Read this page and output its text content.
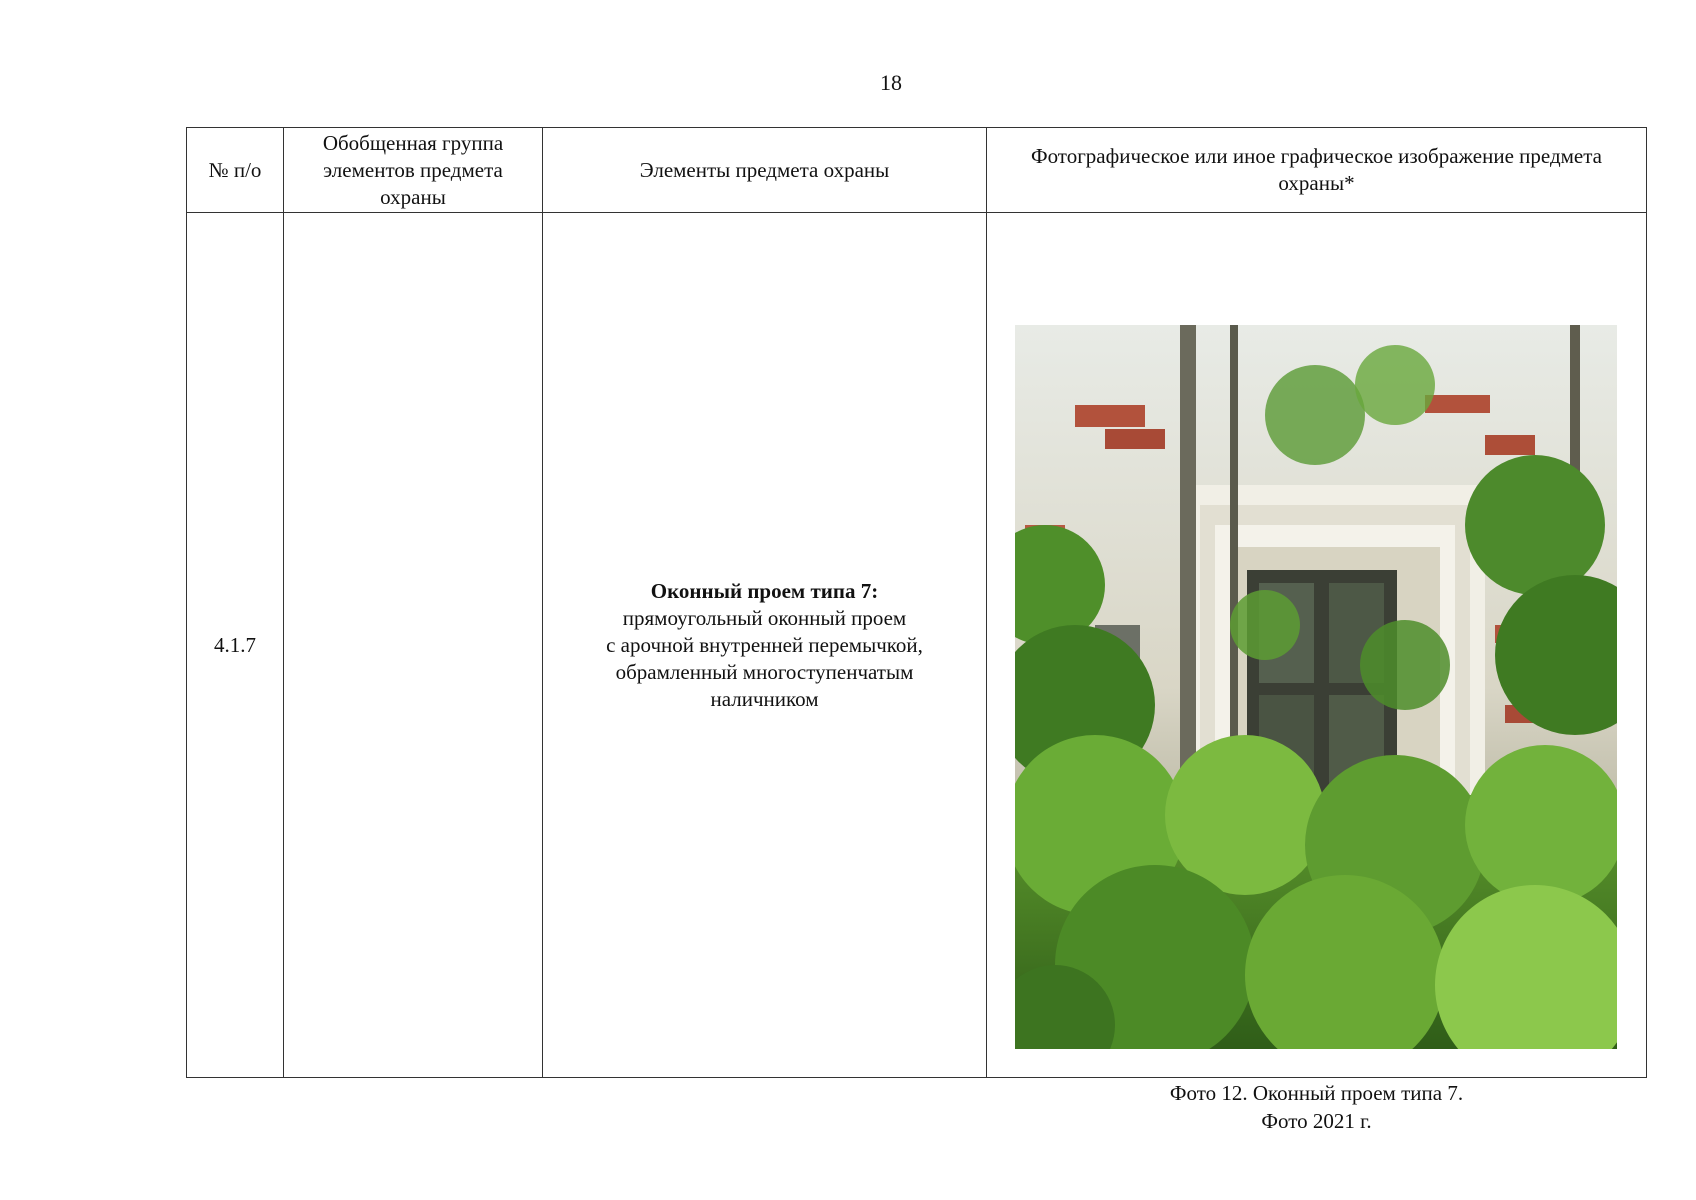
18
№ п/о	Обобщенная группа элементов предмета охраны	Элементы предмета охраны	Фотографическое или иное графическое изображение предмета охраны*

4.1.7		Оконный проем типа 7:
прямоугольный оконный проем
с арочной внутренней перемычкой,
обрамленный многоступенчатым
наличником	Фото 12. Оконный проем типа 7.
Фото 2021 г.
